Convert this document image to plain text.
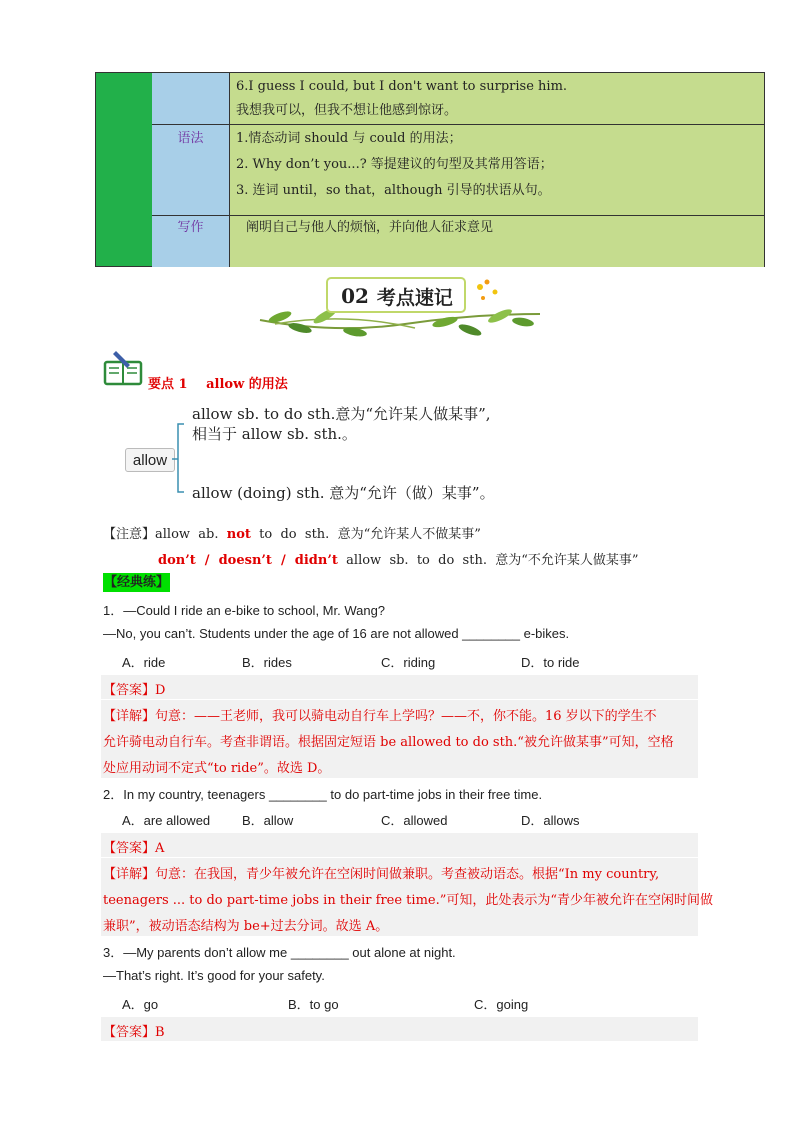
6.I guess I could, but I don't want to surprise him.
我想我可以，但我不想让他感到惊讶。
语法	1.情态动词 should 与 could 的用法；
2. Why don’t you...? 等提建议的句型及其常用答语；
3. 连词 until，so that，although 引导的状语从句。
写作	阐明自己与他人的烦恼，并向他人征求意见
02 考点速记
要点 1 allow 的用法
allow
allow sb. to do sth.意为“允许某人做某事”,
相当于 allow sb. sth.。
allow (doing) sth. 意为“允许（做）某事”。
【注意】allow  ab.  not  to  do  sth.  意为“允许某人不做某事”
don’t  /  doesn’t  /  didn’t  allow  sb.  to  do  sth.  意为“不允许某人做某事”
【经典练】
1．—Could I ride an e-bike to school, Mr. Wang?
—No, you can’t. Students under the age of 16 are not allowed ________ e-bikes.
A．ride	B．rides	C．riding	D．to ride
【答案】D
【详解】句意：——王老师，我可以骑电动自行车上学吗？——不，你不能。16 岁以下的学生不
允许骑电动自行车。考查非谓语。根据固定短语 be allowed to do sth.“被允许做某事”可知，空格
处应用动词不定式“to ride”。故选 D。
2．In my country, teenagers ________ to do part-time jobs in their free time.
A．are allowed B．allow	C．allowed	D．allows
【答案】A
【详解】句意：在我国，青少年被允许在空闲时间做兼职。考查被动语态。根据“In my country,
teenagers ... to do part-time jobs in their free time.”可知，此处表示为“青少年被允许在空闲时间做
兼职”，被动语态结构为 be+过去分词。故选 A。
3．—My parents don’t allow me ________ out alone at night.
—That’s right. It’s good for your safety.
A．go	B．to go	C．going
【答案】B
